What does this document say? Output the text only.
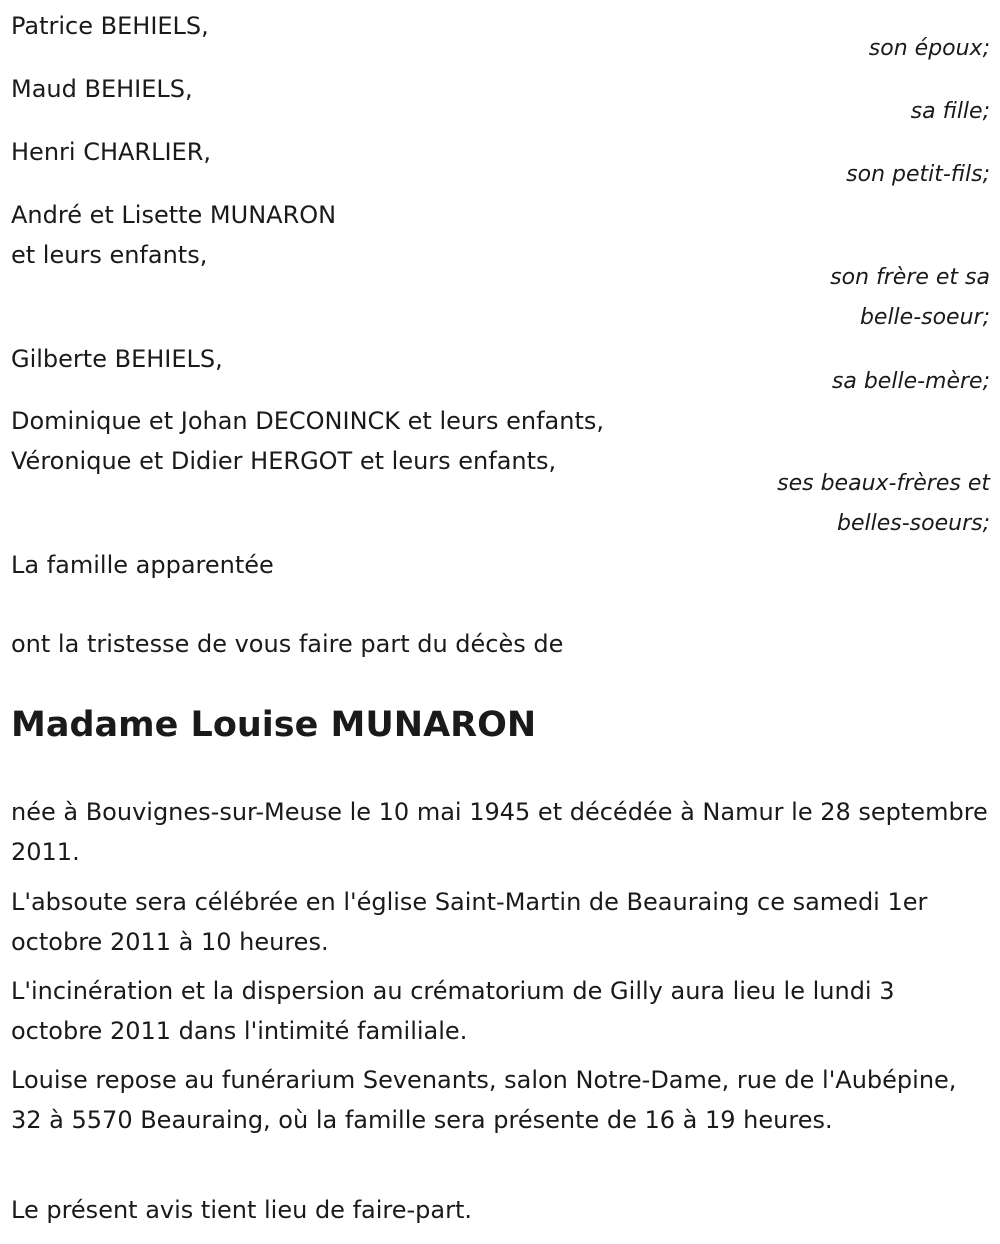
Patrice BEHIELS,
son époux;
Maud BEHIELS,
sa fille;
Henri CHARLIER,
son petit-fils;
André et Lisette MUNARON
et leurs enfants,
son frère et sa
belle-soeur;
Gilberte BEHIELS,
sa belle-mère;
Dominique et Johan DECONINCK et leurs enfants,
Véronique et Didier HERGOT et leurs enfants,
ses beaux-frères et
belles-soeurs;
La famille apparentée
ont la tristesse de vous faire part du décès de
Madame Louise MUNARON
née à Bouvignes-sur-Meuse le 10 mai 1945 et décédée à Namur le 28 septembre 2011.
L'absoute sera célébrée en l'église Saint-Martin de Beauraing ce samedi 1er octobre 2011 à 10 heures.
L'incinération et la dispersion au crématorium de Gilly aura lieu le lundi 3 octobre 2011 dans l'intimité familiale.
Louise repose au funérarium Sevenants, salon Notre-Dame, rue de l'Aubépine, 32 à 5570 Beauraing, où la famille sera présente de 16 à 19 heures.
Le présent avis tient lieu de faire-part.
